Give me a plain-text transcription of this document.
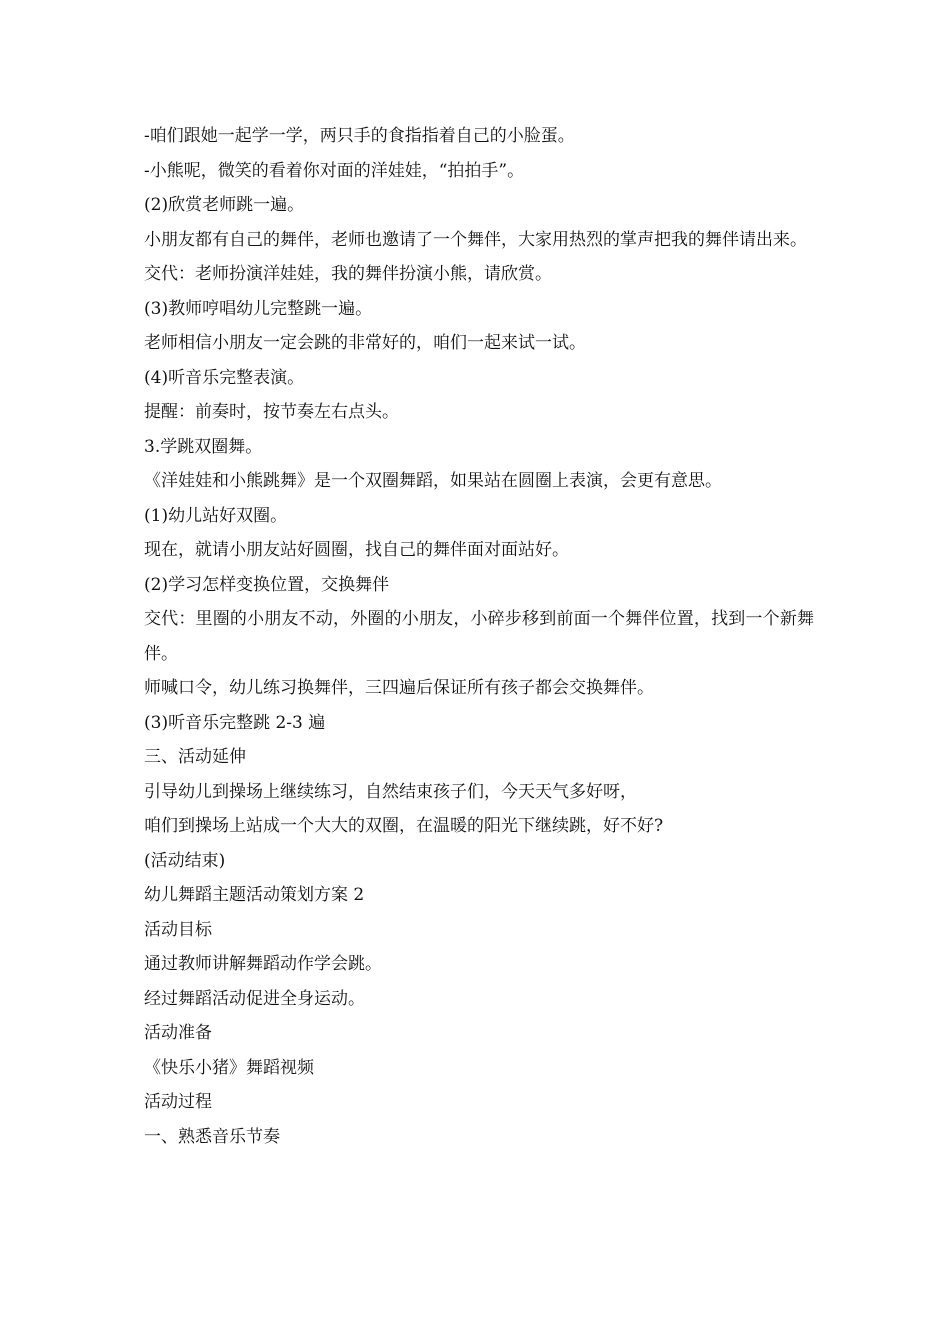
-咱们跟她一起学一学，两只手的食指指着自己的小脸蛋。
-小熊呢，微笑的看着你对面的洋娃娃，“拍拍手”。
(2)欣赏老师跳一遍。
小朋友都有自己的舞伴，老师也邀请了一个舞伴，大家用热烈的掌声把我的舞伴请出来。
交代：老师扮演洋娃娃，我的舞伴扮演小熊，请欣赏。
(3)教师哼唱幼儿完整跳一遍。
老师相信小朋友一定会跳的非常好的，咱们一起来试一试。
(4)听音乐完整表演。
提醒：前奏时，按节奏左右点头。
3.学跳双圈舞。
《洋娃娃和小熊跳舞》是一个双圈舞蹈，如果站在圆圈上表演，会更有意思。
(1)幼儿站好双圈。
现在，就请小朋友站好圆圈，找自己的舞伴面对面站好。
(2)学习怎样变换位置，交换舞伴
交代：里圈的小朋友不动，外圈的小朋友，小碎步移到前面一个舞伴位置，找到一个新舞伴。
师喊口令，幼儿练习换舞伴，三四遍后保证所有孩子都会交换舞伴。
(3)听音乐完整跳 2-3 遍
三、活动延伸
引导幼儿到操场上继续练习，自然结束孩子们，今天天气多好呀，
咱们到操场上站成一个大大的双圈，在温暖的阳光下继续跳，好不好?
(活动结束)
幼儿舞蹈主题活动策划方案 2
活动目标
通过教师讲解舞蹈动作学会跳。
经过舞蹈活动促进全身运动。
活动准备
《快乐小猪》舞蹈视频
活动过程
一、熟悉音乐节奏
